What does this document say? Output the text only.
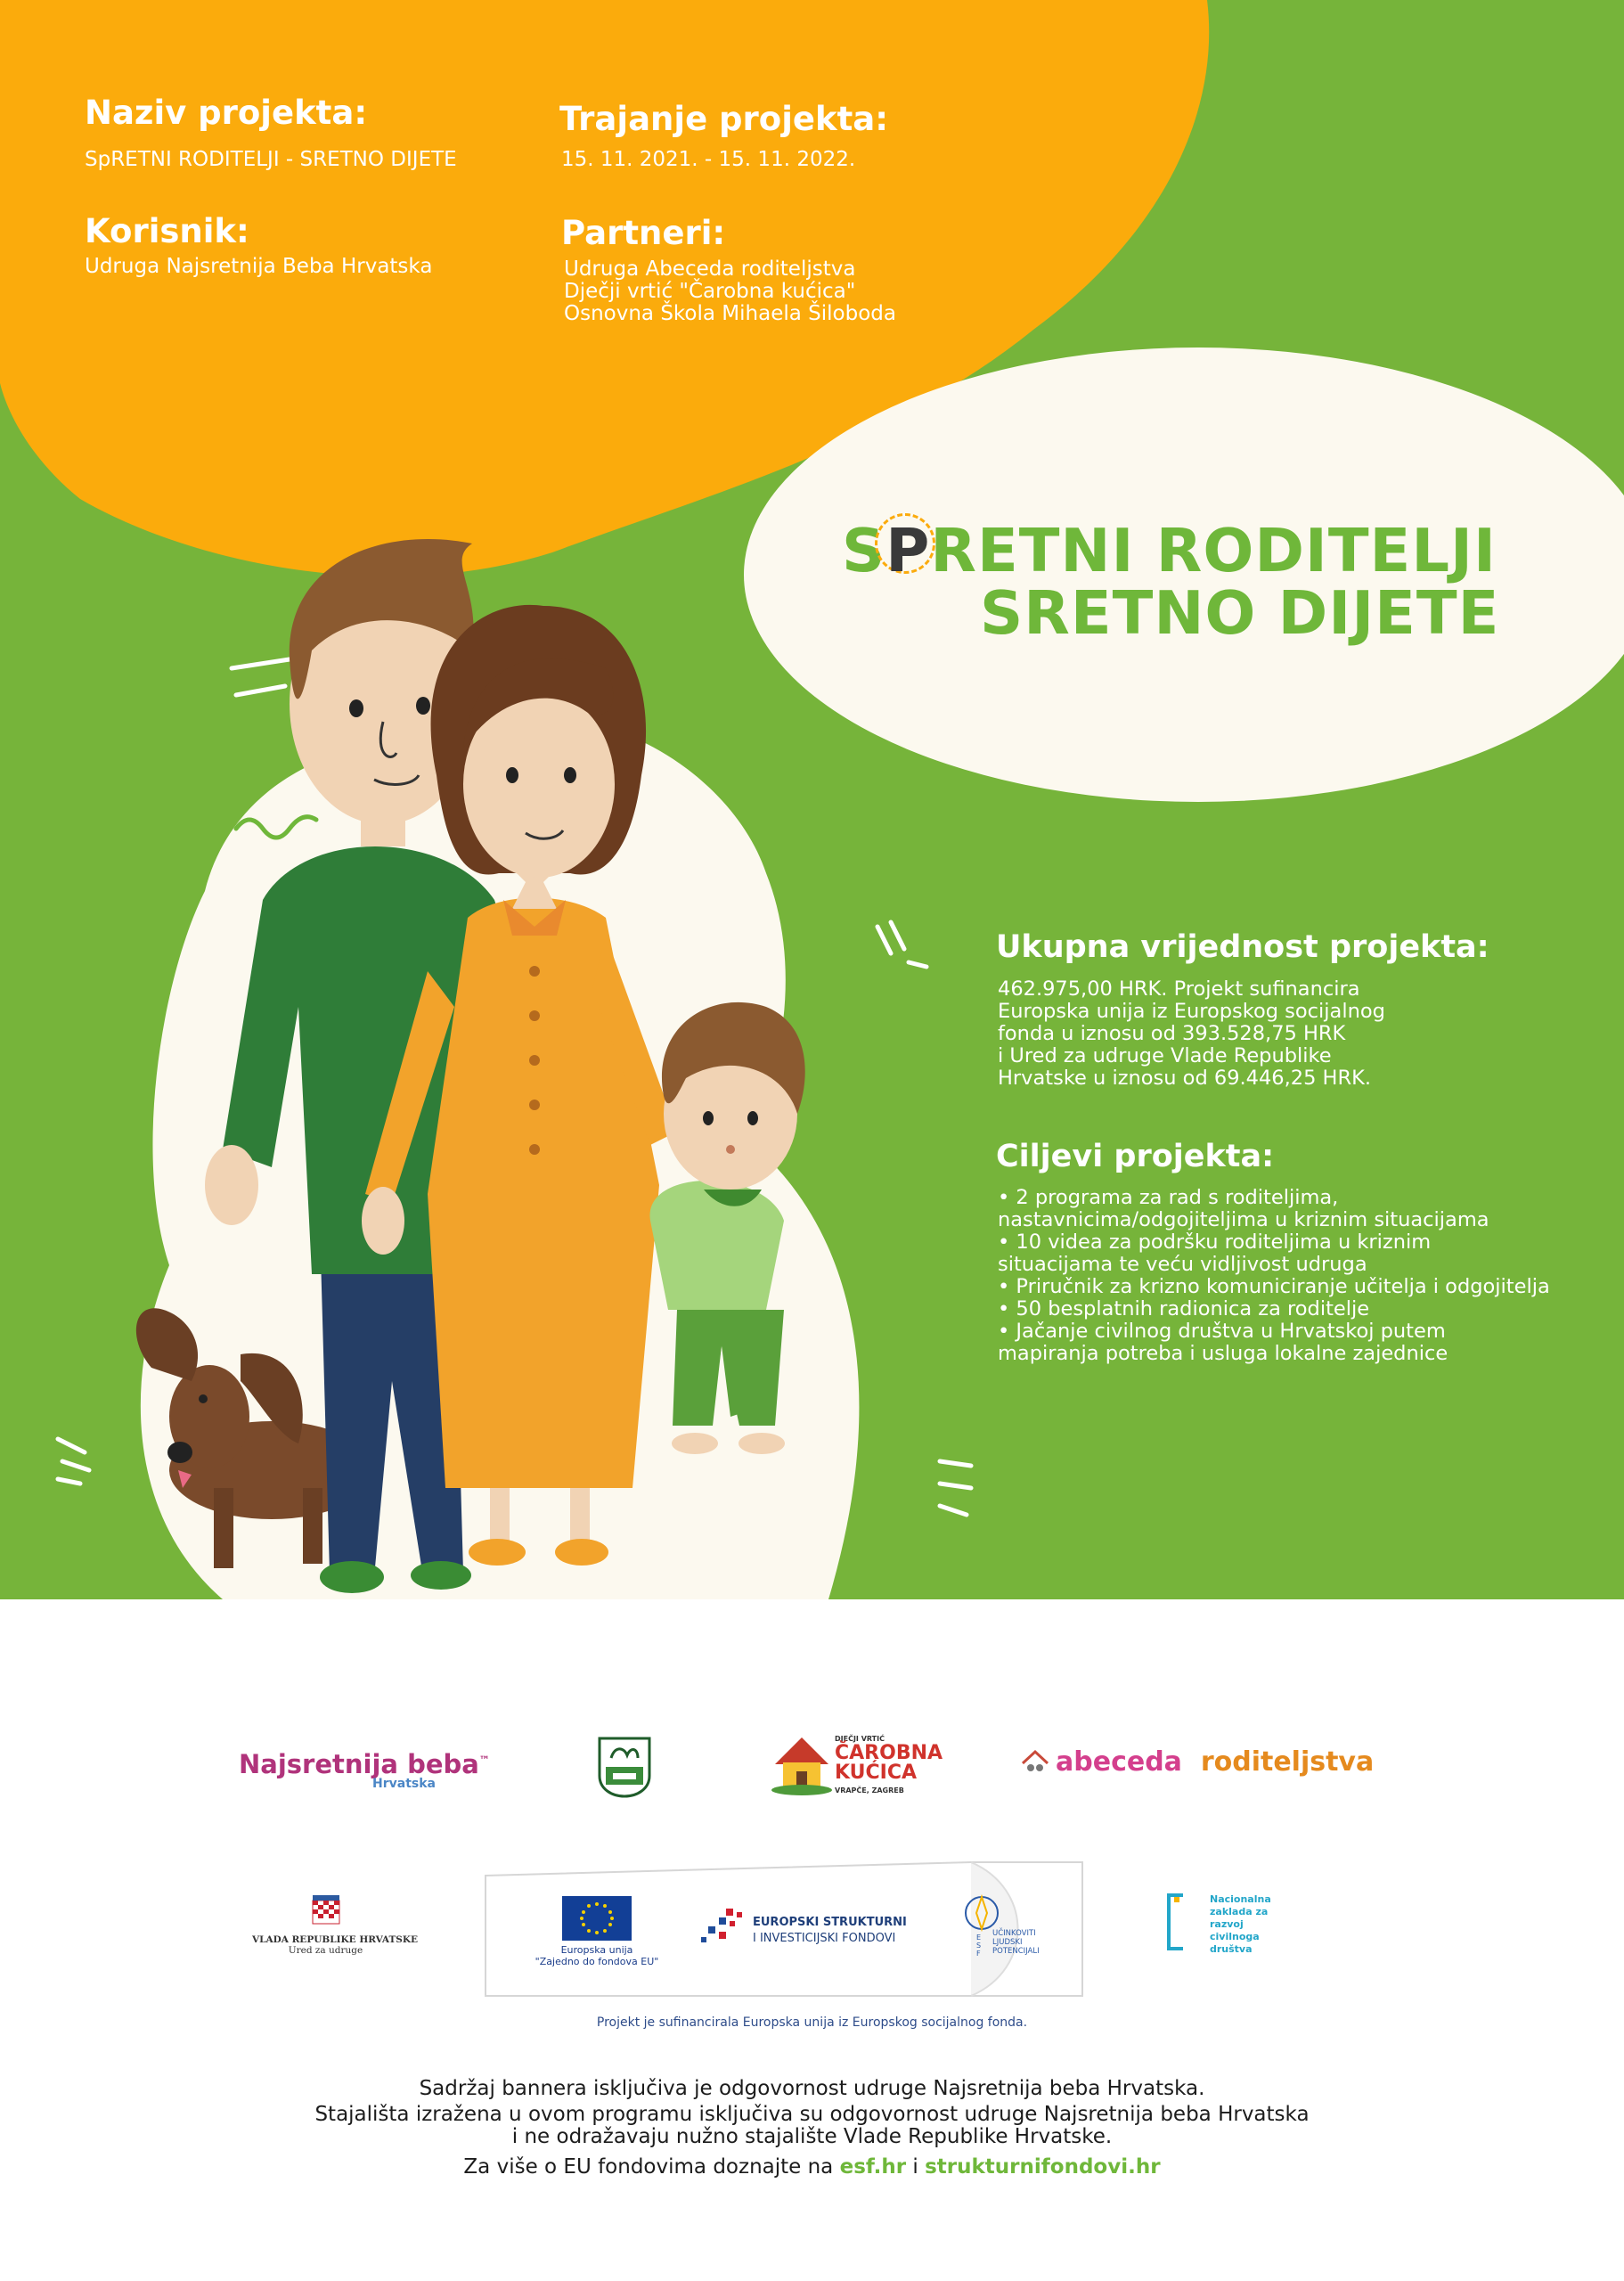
Naziv projekta:
SpRETNI RODITELJI - SRETNO DIJETE
Trajanje projekta:
15. 11. 2021. - 15. 11. 2022.
Korisnik:
Udruga Najsretnija Beba Hrvatska
Partneri:
Udruga Abeceda roditeljstva
Dječji vrtić "Čarobna kućica"
Osnovna Škola Mihaela Šiloboda
S
PRETNI RODITELJI
SRETNO DIJETE
Ukupna vrijednost projekta:
462.975,00 HRK. Projekt sufinancira
Europska unija iz Europskog socijalnog
fonda u iznosu od 393.528,75 HRK
i Ured za udruge Vlade Republike
Hrvatske u iznosu od 69.446,25 HRK.
Ciljevi projekta:
• 2 programa za rad s roditeljima,
nastavnicima/odgojiteljima u kriznim situacijama
• 10 videa za podršku roditeljima u kriznim
situacijama te veću vidljivost udruga
• Priručnik za krizno komuniciranje učitelja i odgojitelja
• 50 besplatnih radionica za roditelje
• Jačanje civilnog društva u Hrvatskoj putem
mapiranja potreba i usluga lokalne zajednice
Najsretnija beba™
Hrvatska
DJEČJI VRTIĆ
ČAROBNA
KUĆICA
VRAPČE, ZAGREB
abeceda roditeljstva
VLADA REPUBLIKE HRVATSKE
Ured za udruge	Europska unija
"Zajedno do fondova EU"
EUROPSKI STRUKTURNI
I INVESTICIJSKI FONDOVI	E S F
UČINKOVITI
LJUDSKI
POTENCIJALI
Nacionalna
zaklada za
razvoj
civilnoga
društva
Projekt je sufinancirala Europska unija iz Europskog socijalnog fonda.
Sadržaj bannera isključiva je odgovornost udruge Najsretnija beba Hrvatska.
Stajališta izražena u ovom programu isključiva su odgovornost udruge Najsretnija beba Hrvatska
i ne odražavaju nužno stajalište Vlade Republike Hrvatske.
Za više o EU fondovima doznajte na esf.hr i strukturnifondovi.hr
